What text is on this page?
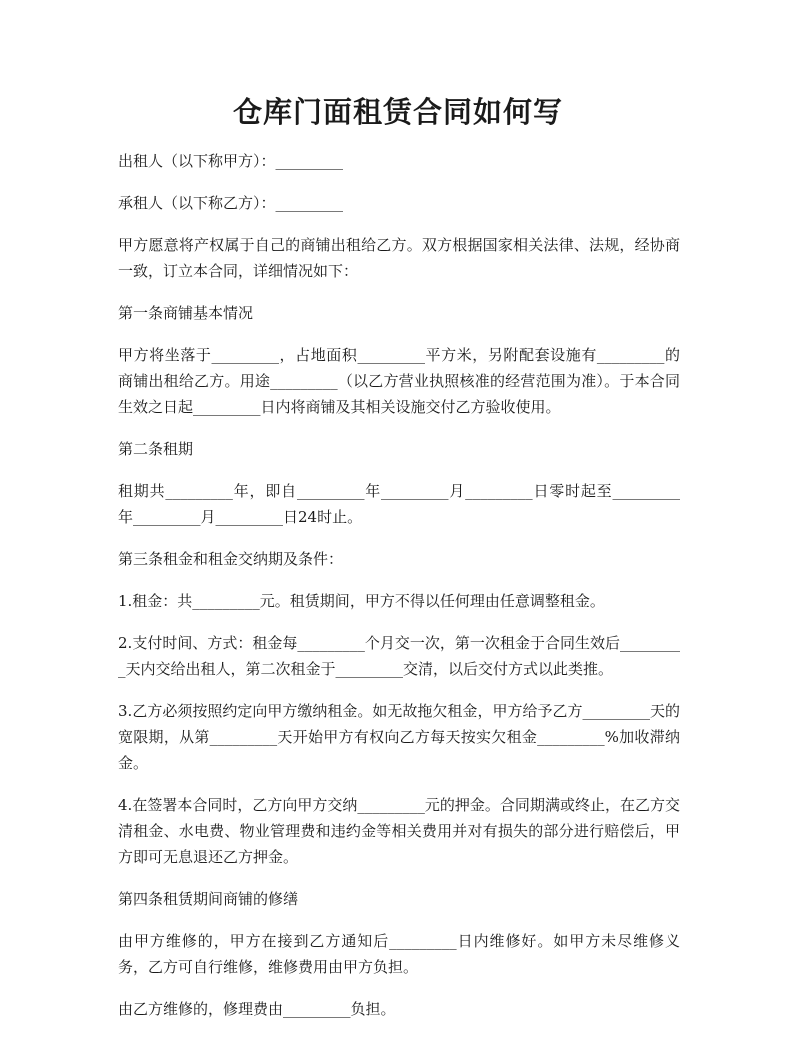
仓库门面租赁合同如何写

出租人（以下称甲方）：_________

承租人（以下称乙方）：_________

甲方愿意将产权属于自己的商铺出租给乙方。双方根据国家相关法律、法规，经协商一致，订立本合同，详细情况如下：

第一条商铺基本情况

甲方将坐落于_________，占地面积_________平方米，另附配套设施有_________的商铺出租给乙方。用途_________（以乙方营业执照核准的经营范围为准）。于本合同生效之日起_________日内将商铺及其相关设施交付乙方验收使用。

第二条租期

租期共_________年，即自_________年_________月_________日零时起至_________年_________月_________日24时止。

第三条租金和租金交纳期及条件：

1.租金：共_________元。租赁期间，甲方不得以任何理由任意调整租金。

2.支付时间、方式：租金每_________个月交一次，第一次租金于合同生效后_________天内交给出租人，第二次租金于_________交清，以后交付方式以此类推。

3.乙方必须按照约定向甲方缴纳租金。如无故拖欠租金，甲方给予乙方_________天的宽限期，从第_________天开始甲方有权向乙方每天按实欠租金_________%加收滞纳金。

4.在签署本合同时，乙方向甲方交纳_________元的押金。合同期满或终止，在乙方交清租金、水电费、物业管理费和违约金等相关费用并对有损失的部分进行赔偿后，甲方即可无息退还乙方押金。

第四条租赁期间商铺的修缮

由甲方维修的，甲方在接到乙方通知后_________日内维修好。如甲方未尽维修义务，乙方可自行维修，维修费用由甲方负担。

由乙方维修的，修理费由_________负担。
